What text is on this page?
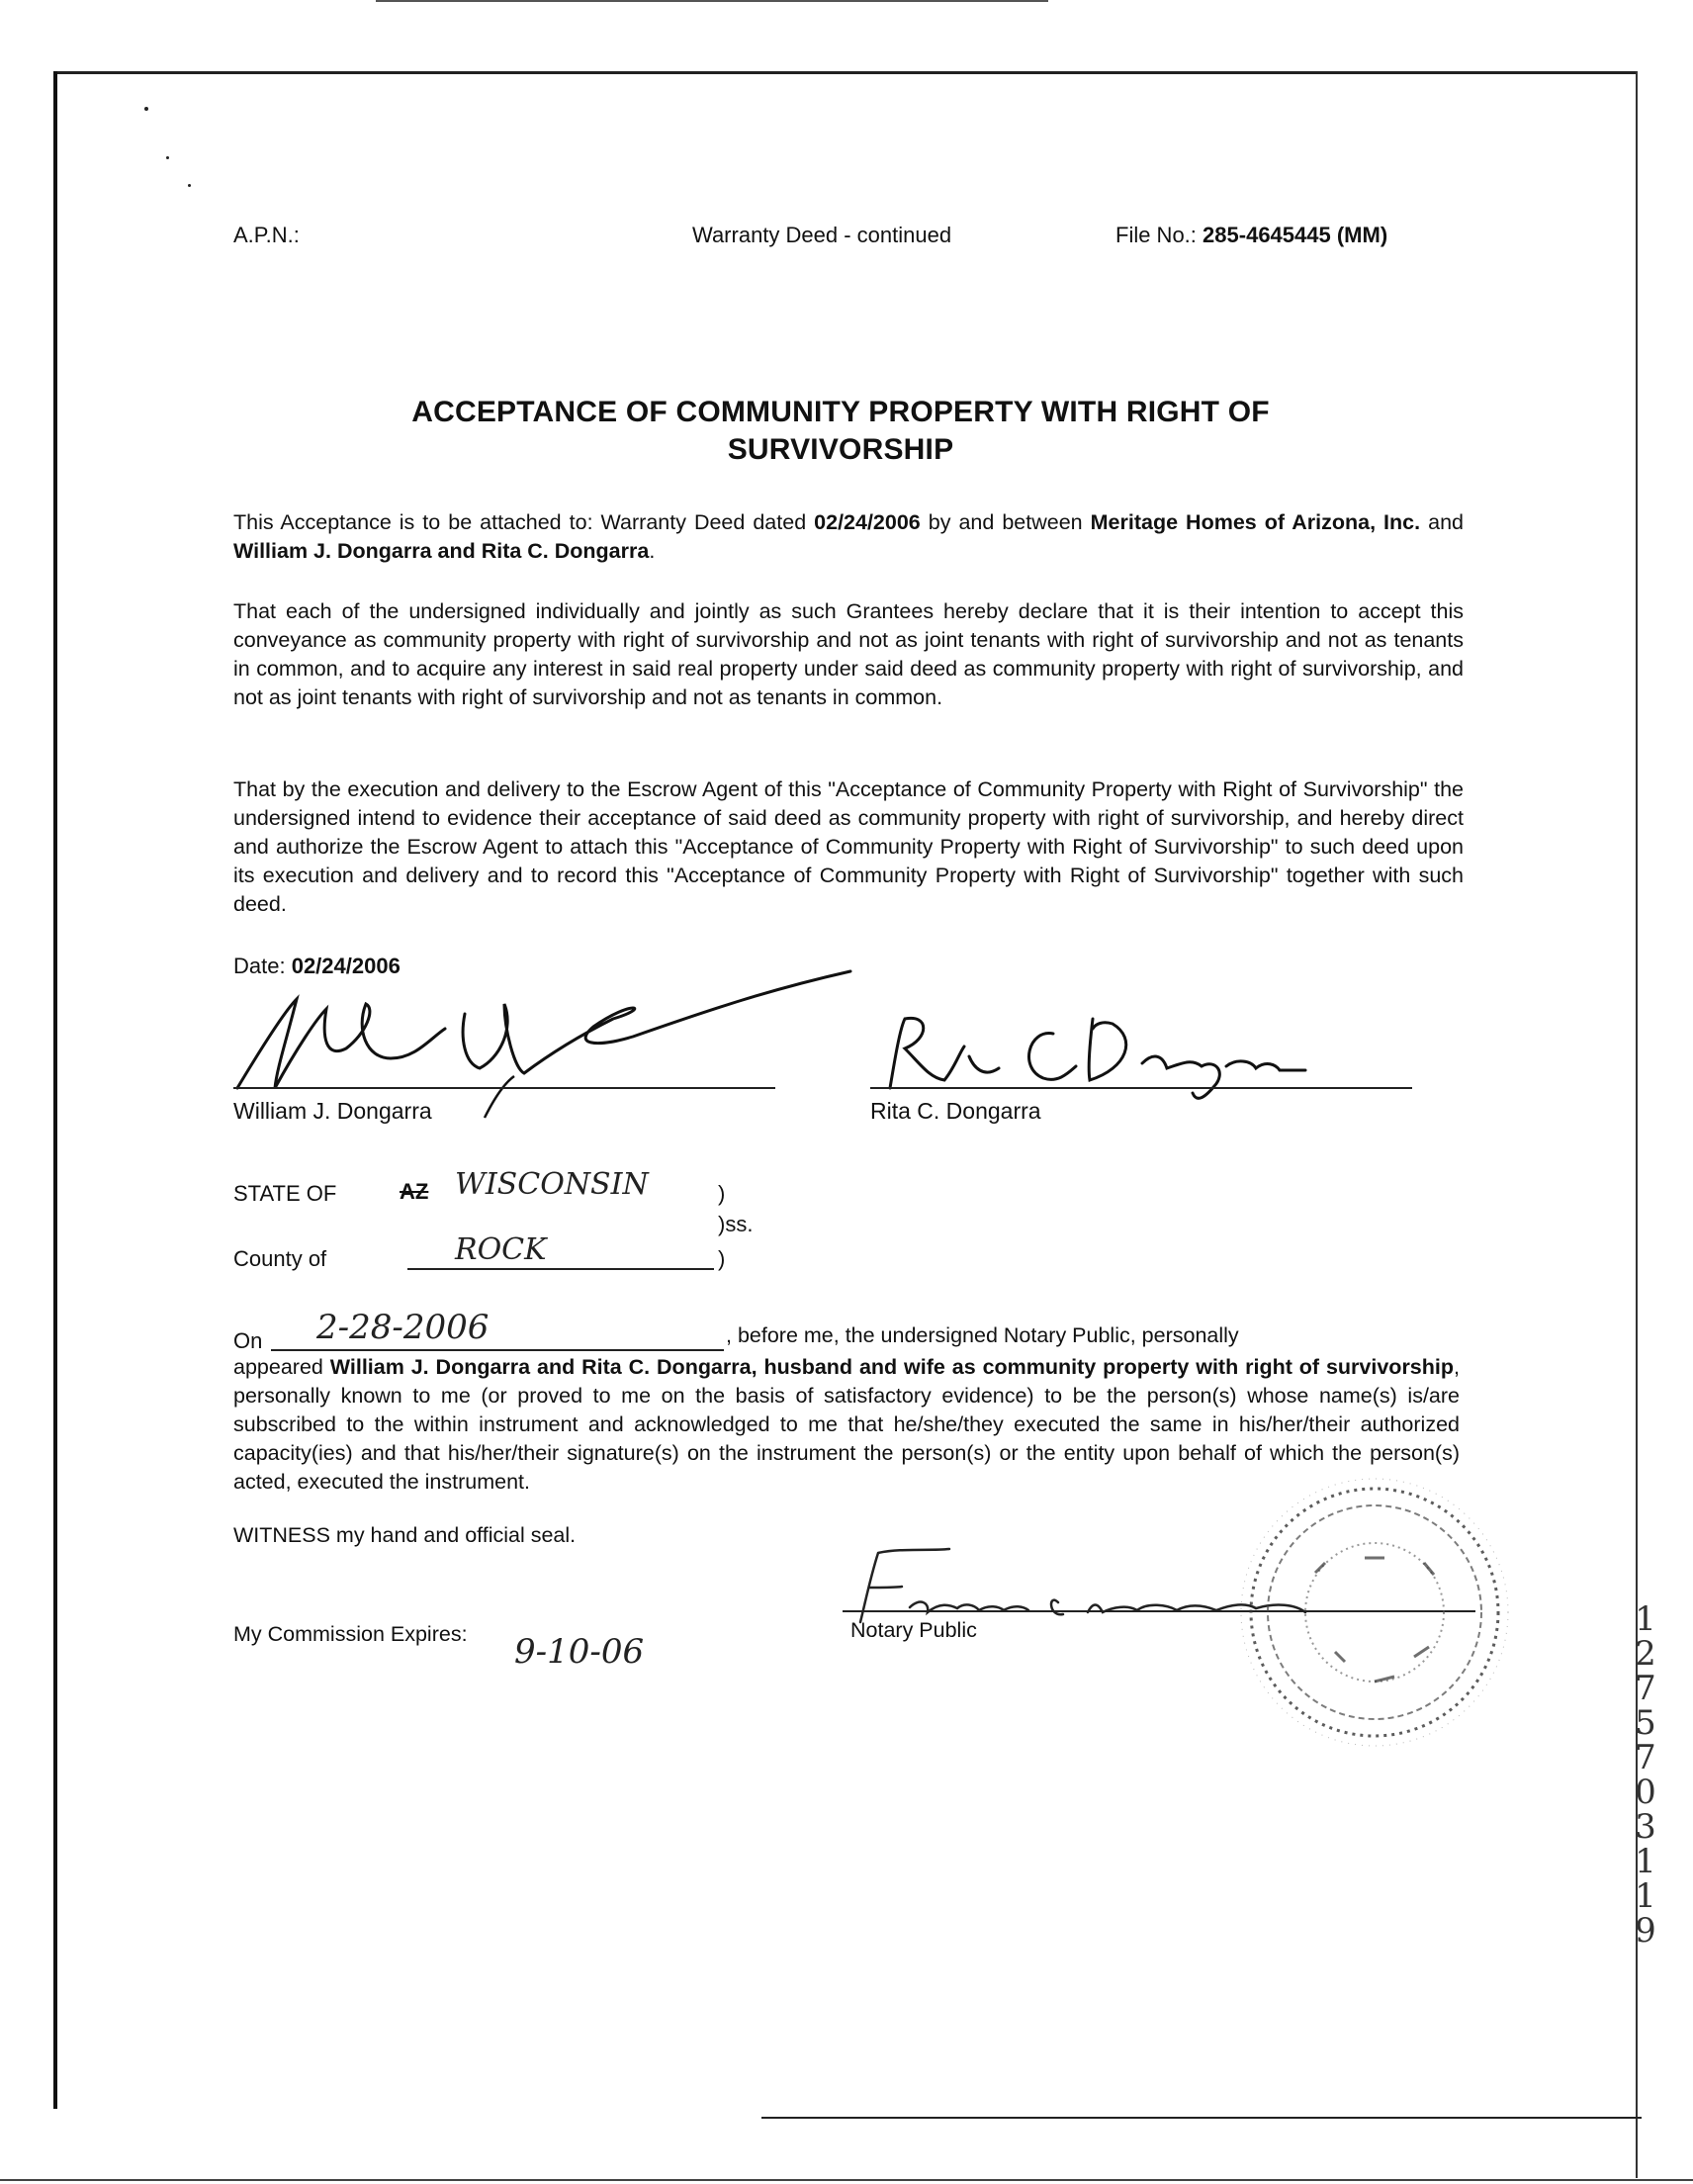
A.P.N.:	Warranty Deed - continued	File No.: 285-4645445 (MM)
ACCEPTANCE OF COMMUNITY PROPERTY WITH RIGHT OF
SURVIVORSHIP
This Acceptance is to be attached to: Warranty Deed dated 02/24/2006 by and between Meritage Homes of Arizona, Inc. and William J. Dongarra and Rita C. Dongarra.
That each of the undersigned individually and jointly as such Grantees hereby declare that it is their intention to accept this conveyance as community property with right of survivorship and not as joint tenants with right of survivorship and not as tenants in common, and to acquire any interest in said real property under said deed as community property with right of survivorship, and not as joint tenants with right of survivorship and not as tenants in common.
That by the execution and delivery to the Escrow Agent of this "Acceptance of Community Property with Right of Survivorship" the undersigned intend to evidence their acceptance of said deed as community property with right of survivorship, and hereby direct and authorize the Escrow Agent to attach this "Acceptance of Community Property with Right of Survivorship" to such deed upon its execution and delivery and to record this "Acceptance of Community Property with Right of Survivorship" together with such deed.
Date: 02/24/2006
William J. Dongarra	Rita C. Dongarra
STATE OF	AZ WISCONSIN	)
)ss.
County of	ROCK	)
On 2-28-2006	, before me, the undersigned Notary Public, personally
appeared William J. Dongarra and Rita C. Dongarra, husband and wife as community property with right of survivorship, personally known to me (or proved to me on the basis of satisfactory evidence) to be the person(s) whose name(s) is/are subscribed to the within instrument and acknowledged to me that he/she/they executed the same in his/her/their authorized capacity(ies) and that his/her/their signature(s) on the instrument the person(s) or the entity upon behalf of which the person(s) acted, executed the instrument.
WITNESS my hand and official seal.
My Commission Expires: 9-10-06
Notary Public	1275703119
